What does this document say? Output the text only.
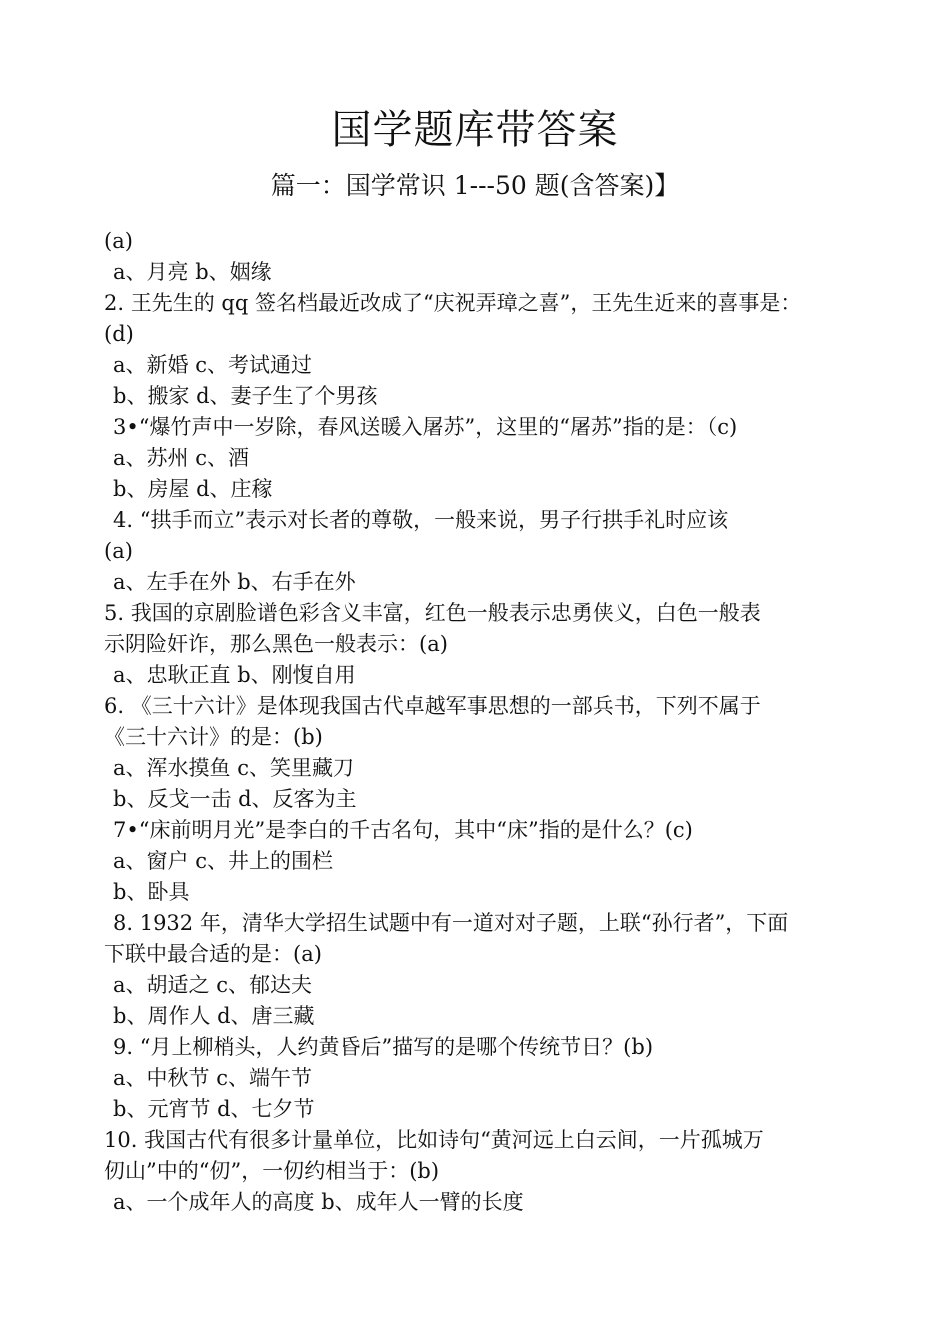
国学题库带答案
篇一：国学常识 1---50 题(含答案)】
(a)
a、月亮 b、姻缘
2. 王先生的 qq 签名档最近改成了“庆祝弄璋之喜”，王先生近来的喜事是：
(d)
a、新婚 c、考试通过
b、搬家 d、妻子生了个男孩
3•“爆竹声中一岁除，春风送暖入屠苏”，这里的“屠苏”指的是：（c)
a、苏州 c、酒
b、房屋 d、庄稼
4. “拱手而立”表示对长者的尊敬，一般来说，男子行拱手礼时应该
(a)
a、左手在外 b、右手在外
5. 我国的京剧脸谱色彩含义丰富，红色一般表示忠勇侠义，白色一般表
示阴险奸诈，那么黑色一般表示：(a)
a、忠耿正直 b、刚愎自用
6. 《三十六计》是体现我国古代卓越军事思想的一部兵书，下列不属于
《三十六计》的是：(b)
a、浑水摸鱼 c、笑里藏刀
b、反戈一击 d、反客为主
7•“床前明月光”是李白的千古名句，其中“床”指的是什么？(c)
a、窗户 c、井上的围栏
b、卧具
8. 1932 年，清华大学招生试题中有一道对对子题，上联“孙行者”，下面
下联中最合适的是：(a)
a、胡适之 c、郁达夫
b、周作人 d、唐三藏
9. “月上柳梢头，人约黄昏后”描写的是哪个传统节日？(b)
a、中秋节 c、端午节
b、元宵节 d、七夕节
10. 我国古代有很多计量单位，比如诗句“黄河远上白云间，一片孤城万
仞山”中的“仞”，一仞约相当于：(b)
a、一个成年人的高度 b、成年人一臂的长度
